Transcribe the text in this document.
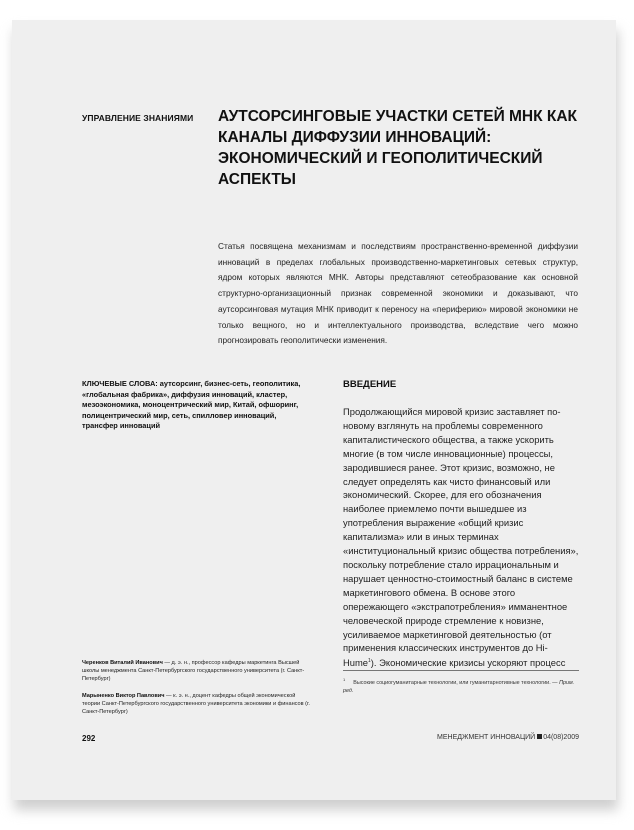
УПРАВЛЕНИЕ ЗНАНИЯМИ	АУТСОРСИНГОВЫЕ УЧАСТКИ СЕТЕЙ МНК КАК КАНАЛЫ ДИФФУЗИИ ИННОВАЦИЙ: ЭКОНОМИЧЕСКИЙ И ГЕОПОЛИТИЧЕСКИЙ АСПЕКТЫ

Статья посвящена механизмам и последствиям пространственно-временной диффузии инноваций в пределах глобальных производственно-маркетинговых сетевых структур, ядром которых являются МНК. Авторы представляют сетеобразование как основной структурно-организационный признак современной экономики и доказывают, что аутсорсинговая мутация МНК приводит к переносу на «периферию» мировой экономики не только вещного, но и интеллектуального производства, вследствие чего можно прогнозировать геополитически изменения.

КЛЮЧЕВЫЕ СЛОВА: аутсорсинг, бизнес-сеть, геополитика, «глобальная фабрика», диффузия инноваций, кластер, мезоэкономика, моноцентрический мир, Китай, офшоринг, полицентрический мир, сеть, спилловер инноваций, трансфер инноваций

Черенков Виталий Иванович — д. э. н., профессор кафедры маркетинга Высшей школы менеджмента Санкт-Петербургского государственного университета (г. Санкт-Петербург)

Марыненко Виктор Павлович — к. э. н., доцент кафедры общей экономической теории Санкт-Петербургского государственного университета экономики и финансов (г. Санкт-Петербург)

ВВЕДЕНИЕ

Продолжающийся мировой кризис заставляет по-новому взглянуть на проблемы современного капиталистического общества, а также ускорить многие (в том числе инновационные) процессы, зародившиеся ранее. Этот кризис, возможно, не следует определять как чисто финансовый или экономический. Скорее, для его обозначения наиболее приемлемо почти вышедшее из употребления выражение «общий кризис капитализма» или в иных терминах «институциональный кризис общества потребления», поскольку потребление стало иррациональным и нарушает ценностно-стоимостный баланс в системе маркетингового обмена. В основе этого опережающего «экстрапотребления» имманентное человеческой природе стремление к новизне, усиливаемое маркетинговой деятельностью (от применения классических инструментов до Hi-Hume$^1$). Экономические кризисы ускоряют процесс

$^1$Высокие социогуманитарные технологии, или гуманитарнотивные технологии. — Прим. ред.

292	МЕНЕДЖМЕНТ ИННОВАЦИЙ 04(08)2009
